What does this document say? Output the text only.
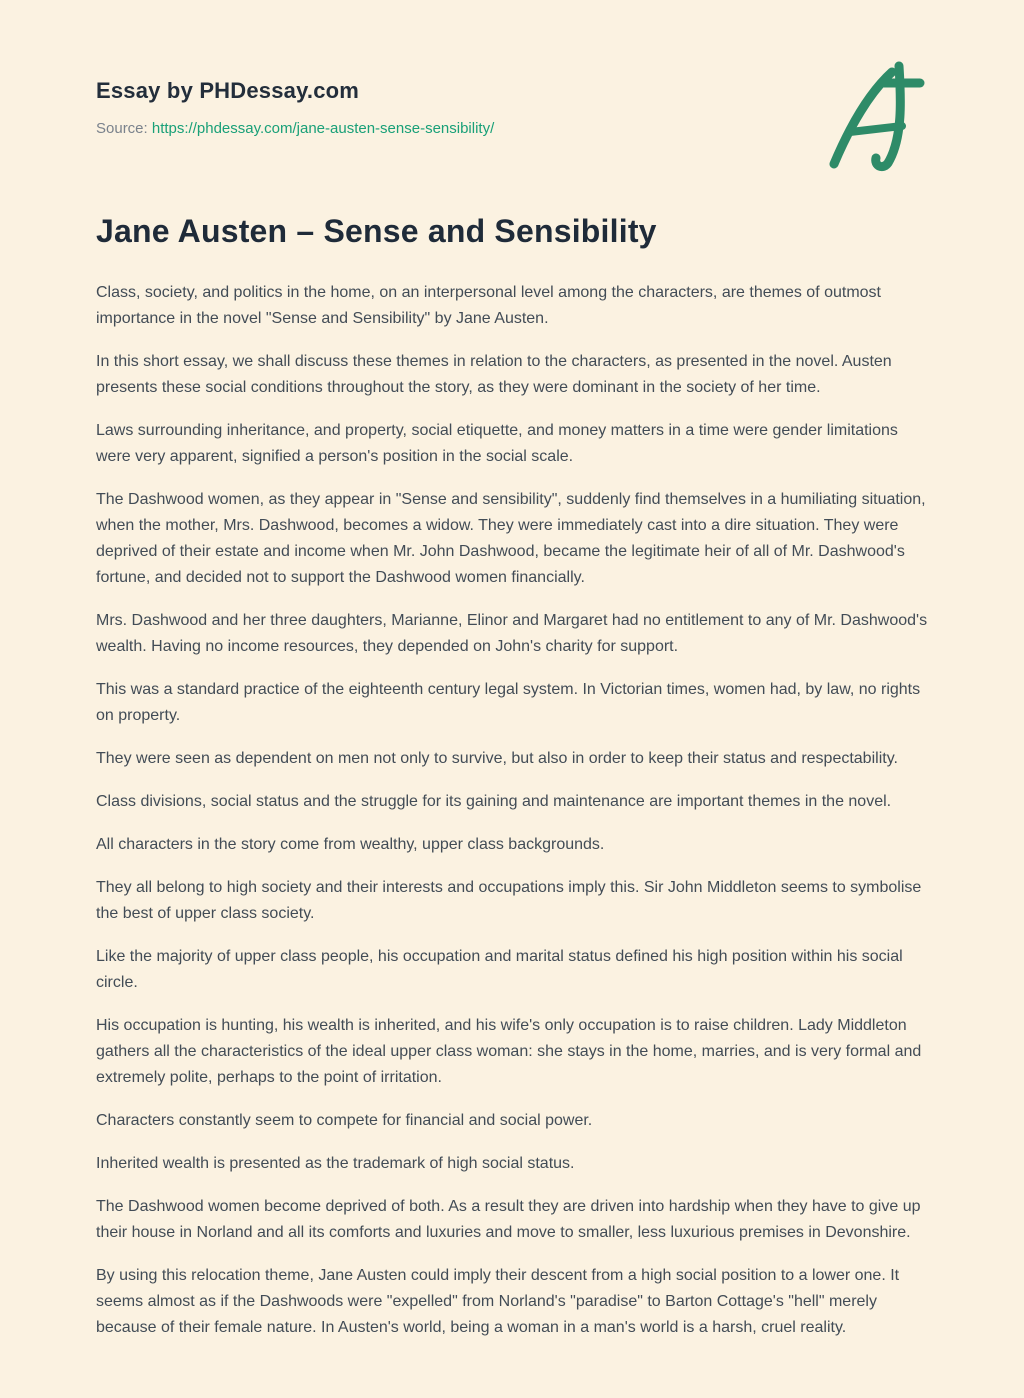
Essay by PHDessay.com
Source: https://phdessay.com/jane-austen-sense-sensibility/
Jane Austen – Sense and Sensibility

Class, society, and politics in the home, on an interpersonal level among the characters, are themes of outmost importance in the novel "Sense and Sensibility" by Jane Austen.

In this short essay, we shall discuss these themes in relation to the characters, as presented in the novel. Austen presents these social conditions throughout the story, as they were dominant in the society of her time.

Laws surrounding inheritance, and property, social etiquette, and money matters in a time were gender limitations were very apparent, signified a person's position in the social scale.

The Dashwood women, as they appear in "Sense and sensibility", suddenly find themselves in a humiliating situation, when the mother, Mrs. Dashwood, becomes a widow. They were immediately cast into a dire situation. They were deprived of their estate and income when Mr. John Dashwood, became the legitimate heir of all of Mr. Dashwood's fortune, and decided not to support the Dashwood women financially.

Mrs. Dashwood and her three daughters, Marianne, Elinor and Margaret had no entitlement to any of Mr. Dashwood's wealth. Having no income resources, they depended on John's charity for support.

This was a standard practice of the eighteenth century legal system. In Victorian times, women had, by law, no rights on property.

They were seen as dependent on men not only to survive, but also in order to keep their status and respectability.

Class divisions, social status and the struggle for its gaining and maintenance are important themes in the novel.

All characters in the story come from wealthy, upper class backgrounds.

They all belong to high society and their interests and occupations imply this. Sir John Middleton seems to symbolise the best of upper class society.

Like the majority of upper class people, his occupation and marital status defined his high position within his social circle.

His occupation is hunting, his wealth is inherited, and his wife's only occupation is to raise children. Lady Middleton gathers all the characteristics of the ideal upper class woman: she stays in the home, marries, and is very formal and extremely polite, perhaps to the point of irritation.

Characters constantly seem to compete for financial and social power.

Inherited wealth is presented as the trademark of high social status.

The Dashwood women become deprived of both. As a result they are driven into hardship when they have to give up their house in Norland and all its comforts and luxuries and move to smaller, less luxurious premises in Devonshire.

By using this relocation theme, Jane Austen could imply their descent from a high social position to a lower one. It seems almost as if the Dashwoods were "expelled" from Norland's "paradise" to Barton Cottage's "hell" merely because of their female nature. In Austen's world, being a woman in a man's world is a harsh, cruel reality.
